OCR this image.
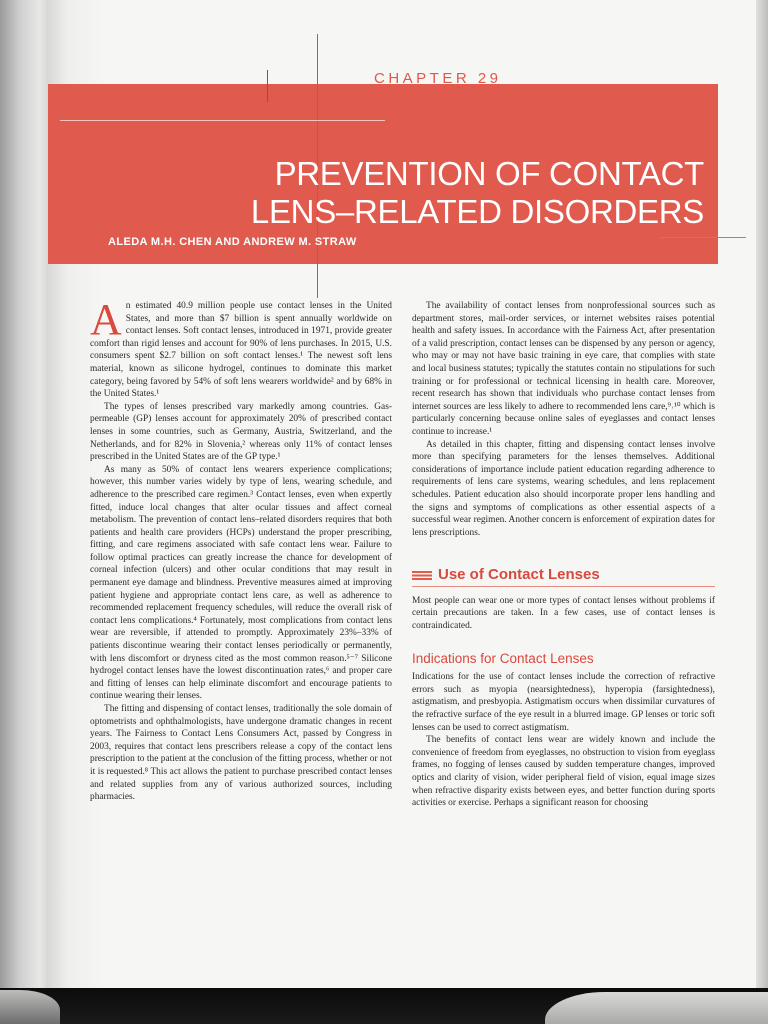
CHAPTER 29
PREVENTION OF CONTACT
LENS–RELATED DISORDERS
ALEDA M.H. CHEN AND ANDREW M. STRAW

An estimated 40.9 million people use contact lenses in the United States, and more than $7 billion is spent annually worldwide on contact lenses. Soft contact lenses, introduced in 1971, provide greater comfort than rigid lenses and account for 90% of lens purchases. In 2015, U.S. consumers spent $2.7 billion on soft contact lenses.¹ The newest soft lens material, known as silicone hydrogel, continues to dominate this market category, being favored by 54% of soft lens wearers worldwide² and by 68% in the United States.¹

The types of lenses prescribed vary markedly among countries. Gas-permeable (GP) lenses account for approximately 20% of prescribed contact lenses in some countries, such as Germany, Austria, Switzerland, and the Netherlands, and for 82% in Slovenia,² whereas only 11% of contact lenses prescribed in the United States are of the GP type.¹

As many as 50% of contact lens wearers experience complications; however, this number varies widely by type of lens, wearing schedule, and adherence to the prescribed care regimen.³ Contact lenses, even when expertly fitted, induce local changes that alter ocular tissues and affect corneal metabolism. The prevention of contact lens–related disorders requires that both patients and health care providers (HCPs) understand the proper prescribing, fitting, and care regimens associated with safe contact lens wear. Failure to follow optimal practices can greatly increase the chance for development of corneal infection (ulcers) and other ocular conditions that may result in permanent eye damage and blindness. Preventive measures aimed at improving patient hygiene and appropriate contact lens care, as well as adherence to recommended replacement frequency schedules, will reduce the overall risk of contact lens complications.⁴ Fortunately, most complications from contact lens wear are reversible, if attended to promptly. Approximately 23%–33% of patients discontinue wearing their contact lenses periodically or permanently, with lens discomfort or dryness cited as the most common reason.⁵⁻⁷ Silicone hydrogel contact lenses have the lowest discontinuation rates,⁶ and proper care and fitting of lenses can help eliminate discomfort and encourage patients to continue wearing their lenses.

The fitting and dispensing of contact lenses, traditionally the sole domain of optometrists and ophthalmologists, have undergone dramatic changes in recent years. The Fairness to Contact Lens Consumers Act, passed by Congress in 2003, requires that contact lens prescribers release a copy of the contact lens prescription to the patient at the conclusion of the fitting process, whether or not it is requested.⁸ This act allows the patient to purchase prescribed contact lenses and related supplies from any of various authorized sources, including pharmacies.

The availability of contact lenses from nonprofessional sources such as department stores, mail-order services, or internet websites raises potential health and safety issues. In accordance with the Fairness Act, after presentation of a valid prescription, contact lenses can be dispensed by any person or agency, who may or may not have basic training in eye care, that complies with state and local business statutes; typically the statutes contain no stipulations for such training or for professional or technical licensing in health care. Moreover, recent research has shown that individuals who purchase contact lenses from internet sources are less likely to adhere to recommended lens care,⁹˒¹⁰ which is particularly concerning because online sales of eyeglasses and contact lenses continue to increase.¹

As detailed in this chapter, fitting and dispensing contact lenses involve more than specifying parameters for the lenses themselves. Additional considerations of importance include patient education regarding adherence to requirements of lens care systems, wearing schedules, and lens replacement schedules. Patient education also should incorporate proper lens handling and the signs and symptoms of complications as other essential aspects of a successful wear regimen. Another concern is enforcement of expiration dates for lens prescriptions.

Use of Contact Lenses

Most people can wear one or more types of contact lenses without problems if certain precautions are taken. In a few cases, use of contact lenses is contraindicated.

Indications for Contact Lenses

Indications for the use of contact lenses include the correction of refractive errors such as myopia (nearsightedness), hyperopia (farsightedness), astigmatism, and presbyopia. Astigmatism occurs when dissimilar curvatures of the refractive surface of the eye result in a blurred image. GP lenses or toric soft lenses can be used to correct astigmatism.

The benefits of contact lens wear are widely known and include the convenience of freedom from eyeglasses, no obstruction to vision from eyeglass frames, no fogging of lenses caused by sudden temperature changes, improved optics and clarity of vision, wider peripheral field of vision, equal image sizes when refractive disparity exists between eyes, and better function during sports activities or exercise. Perhaps a significant reason for choosing
